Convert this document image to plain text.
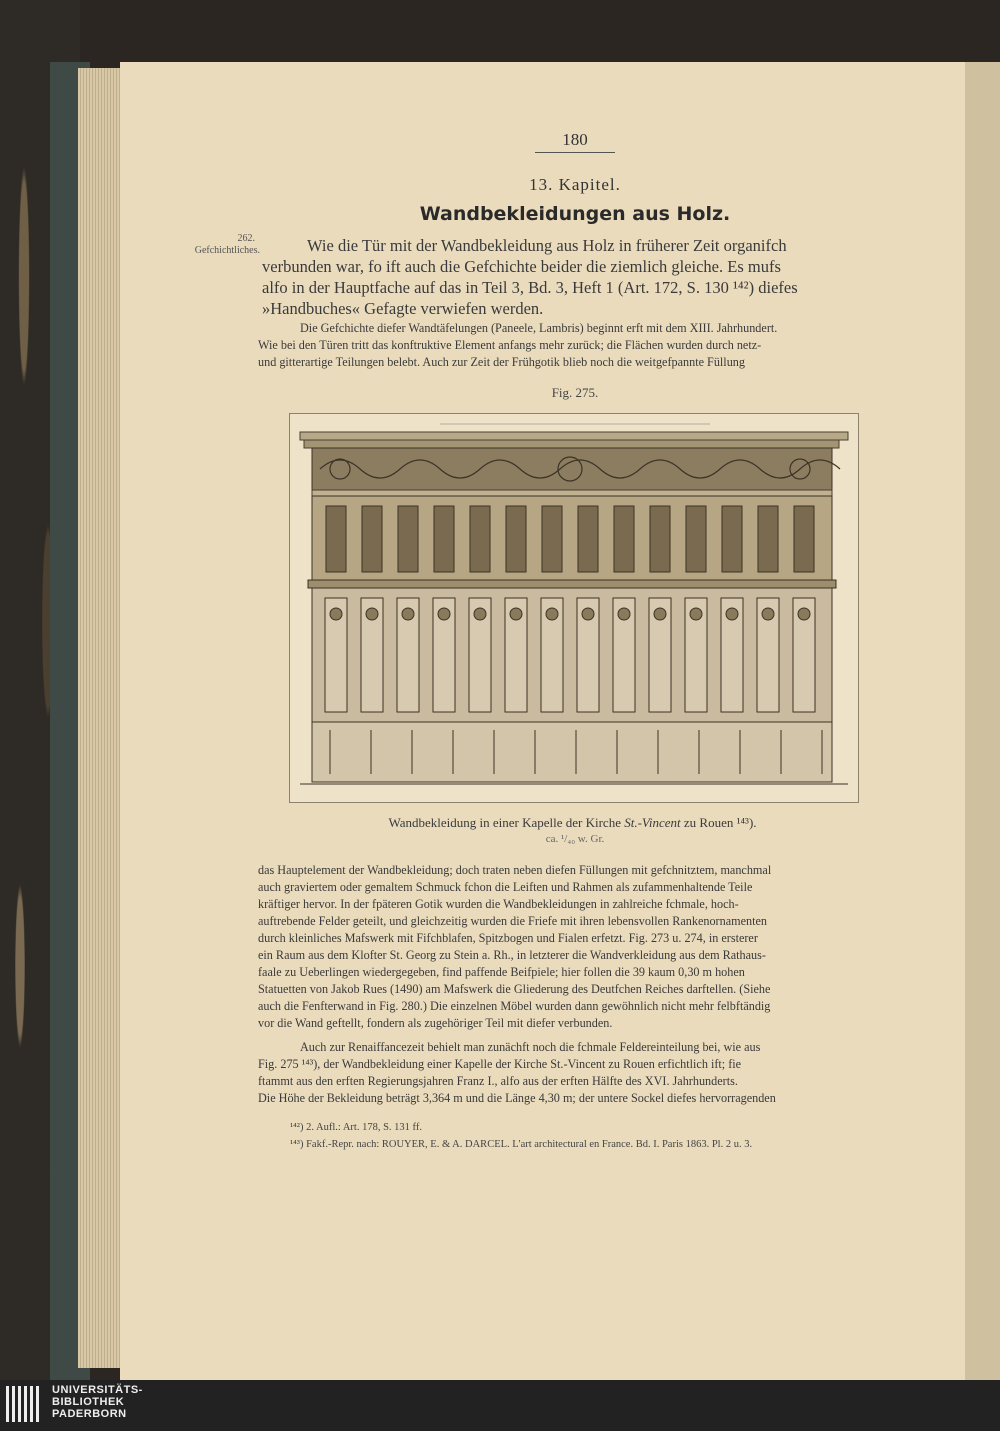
180
13. Kapitel.
Wandbekleidungen aus Holz.
262.
Gefchichtliches.	Wie die Tür mit der Wandbekleidung aus Holz in früherer Zeit organifch
verbunden war, fo ift auch die Gefchichte beider die ziemlich gleiche. Es mufs
alfo in der Hauptfache auf das in Teil 3, Bd. 3, Heft 1 (Art. 172, S. 130 ¹⁴²) diefes
»Handbuches« Gefagte verwiefen werden.
Die Gefchichte diefer Wandtäfelungen (Paneele, Lambris) beginnt erft mit dem XIII. Jahrhundert.
Wie bei den Türen tritt das konftruktive Element anfangs mehr zurück; die Flächen wurden durch netz-
und gitterartige Teilungen belebt. Auch zur Zeit der Frühgotik blieb noch die weitgefpannte Füllung
Fig. 275.
Wandbekleidung in einer Kapelle der Kirche St.-Vincent zu Rouen ¹⁴³).
ca. ¹/₄₀ w. Gr.
das Hauptelement der Wandbekleidung; doch traten neben diefen Füllungen mit gefchnitztem, manchmal
auch graviertem oder gemaltem Schmuck fchon die Leiften und Rahmen als zufammenhaltende Teile
kräftiger hervor. In der fpäteren Gotik wurden die Wandbekleidungen in zahlreiche fchmale, hoch-
auftrebende Felder geteilt, und gleichzeitig wurden die Friefe mit ihren lebensvollen Rankenornamenten
durch kleinliches Mafswerk mit Fifchblafen, Spitzbogen und Fialen erfetzt. Fig. 273 u. 274, in ersterer
ein Raum aus dem Klofter St. Georg zu Stein a. Rh., in letzterer die Wandverkleidung aus dem Rathaus-
faale zu Ueberlingen wiedergegeben, find paffende Beifpiele; hier follen die 39 kaum 0,30 m hohen
Statuetten von Jakob Rues (1490) am Mafswerk die Gliederung des Deutfchen Reiches darftellen. (Siehe
auch die Fenfterwand in Fig. 280.) Die einzelnen Möbel wurden dann gewöhnlich nicht mehr felbftändig
vor die Wand geftellt, fondern als zugehöriger Teil mit diefer verbunden.
Auch zur Renaiffancezeit behielt man zunächft noch die fchmale Feldereinteilung bei, wie aus
Fig. 275 ¹⁴³), der Wandbekleidung einer Kapelle der Kirche St.-Vincent zu Rouen erfichtlich ift; fie
ftammt aus den erften Regierungsjahren Franz I., alfo aus der erften Hälfte des XVI. Jahrhunderts.
Die Höhe der Bekleidung beträgt 3,364 m und die Länge 4,30 m; der untere Sockel diefes hervorragenden
¹⁴²) 2. Aufl.: Art. 178, S. 131 ff.
¹⁴³) Fakf.-Repr. nach: ROUYER, E. & A. DARCEL. L'art architectural en France. Bd. I. Paris 1863. Pl. 2 u. 3.
UNIVERSITÄTS-
BIBLIOTHEK
PADERBORN
